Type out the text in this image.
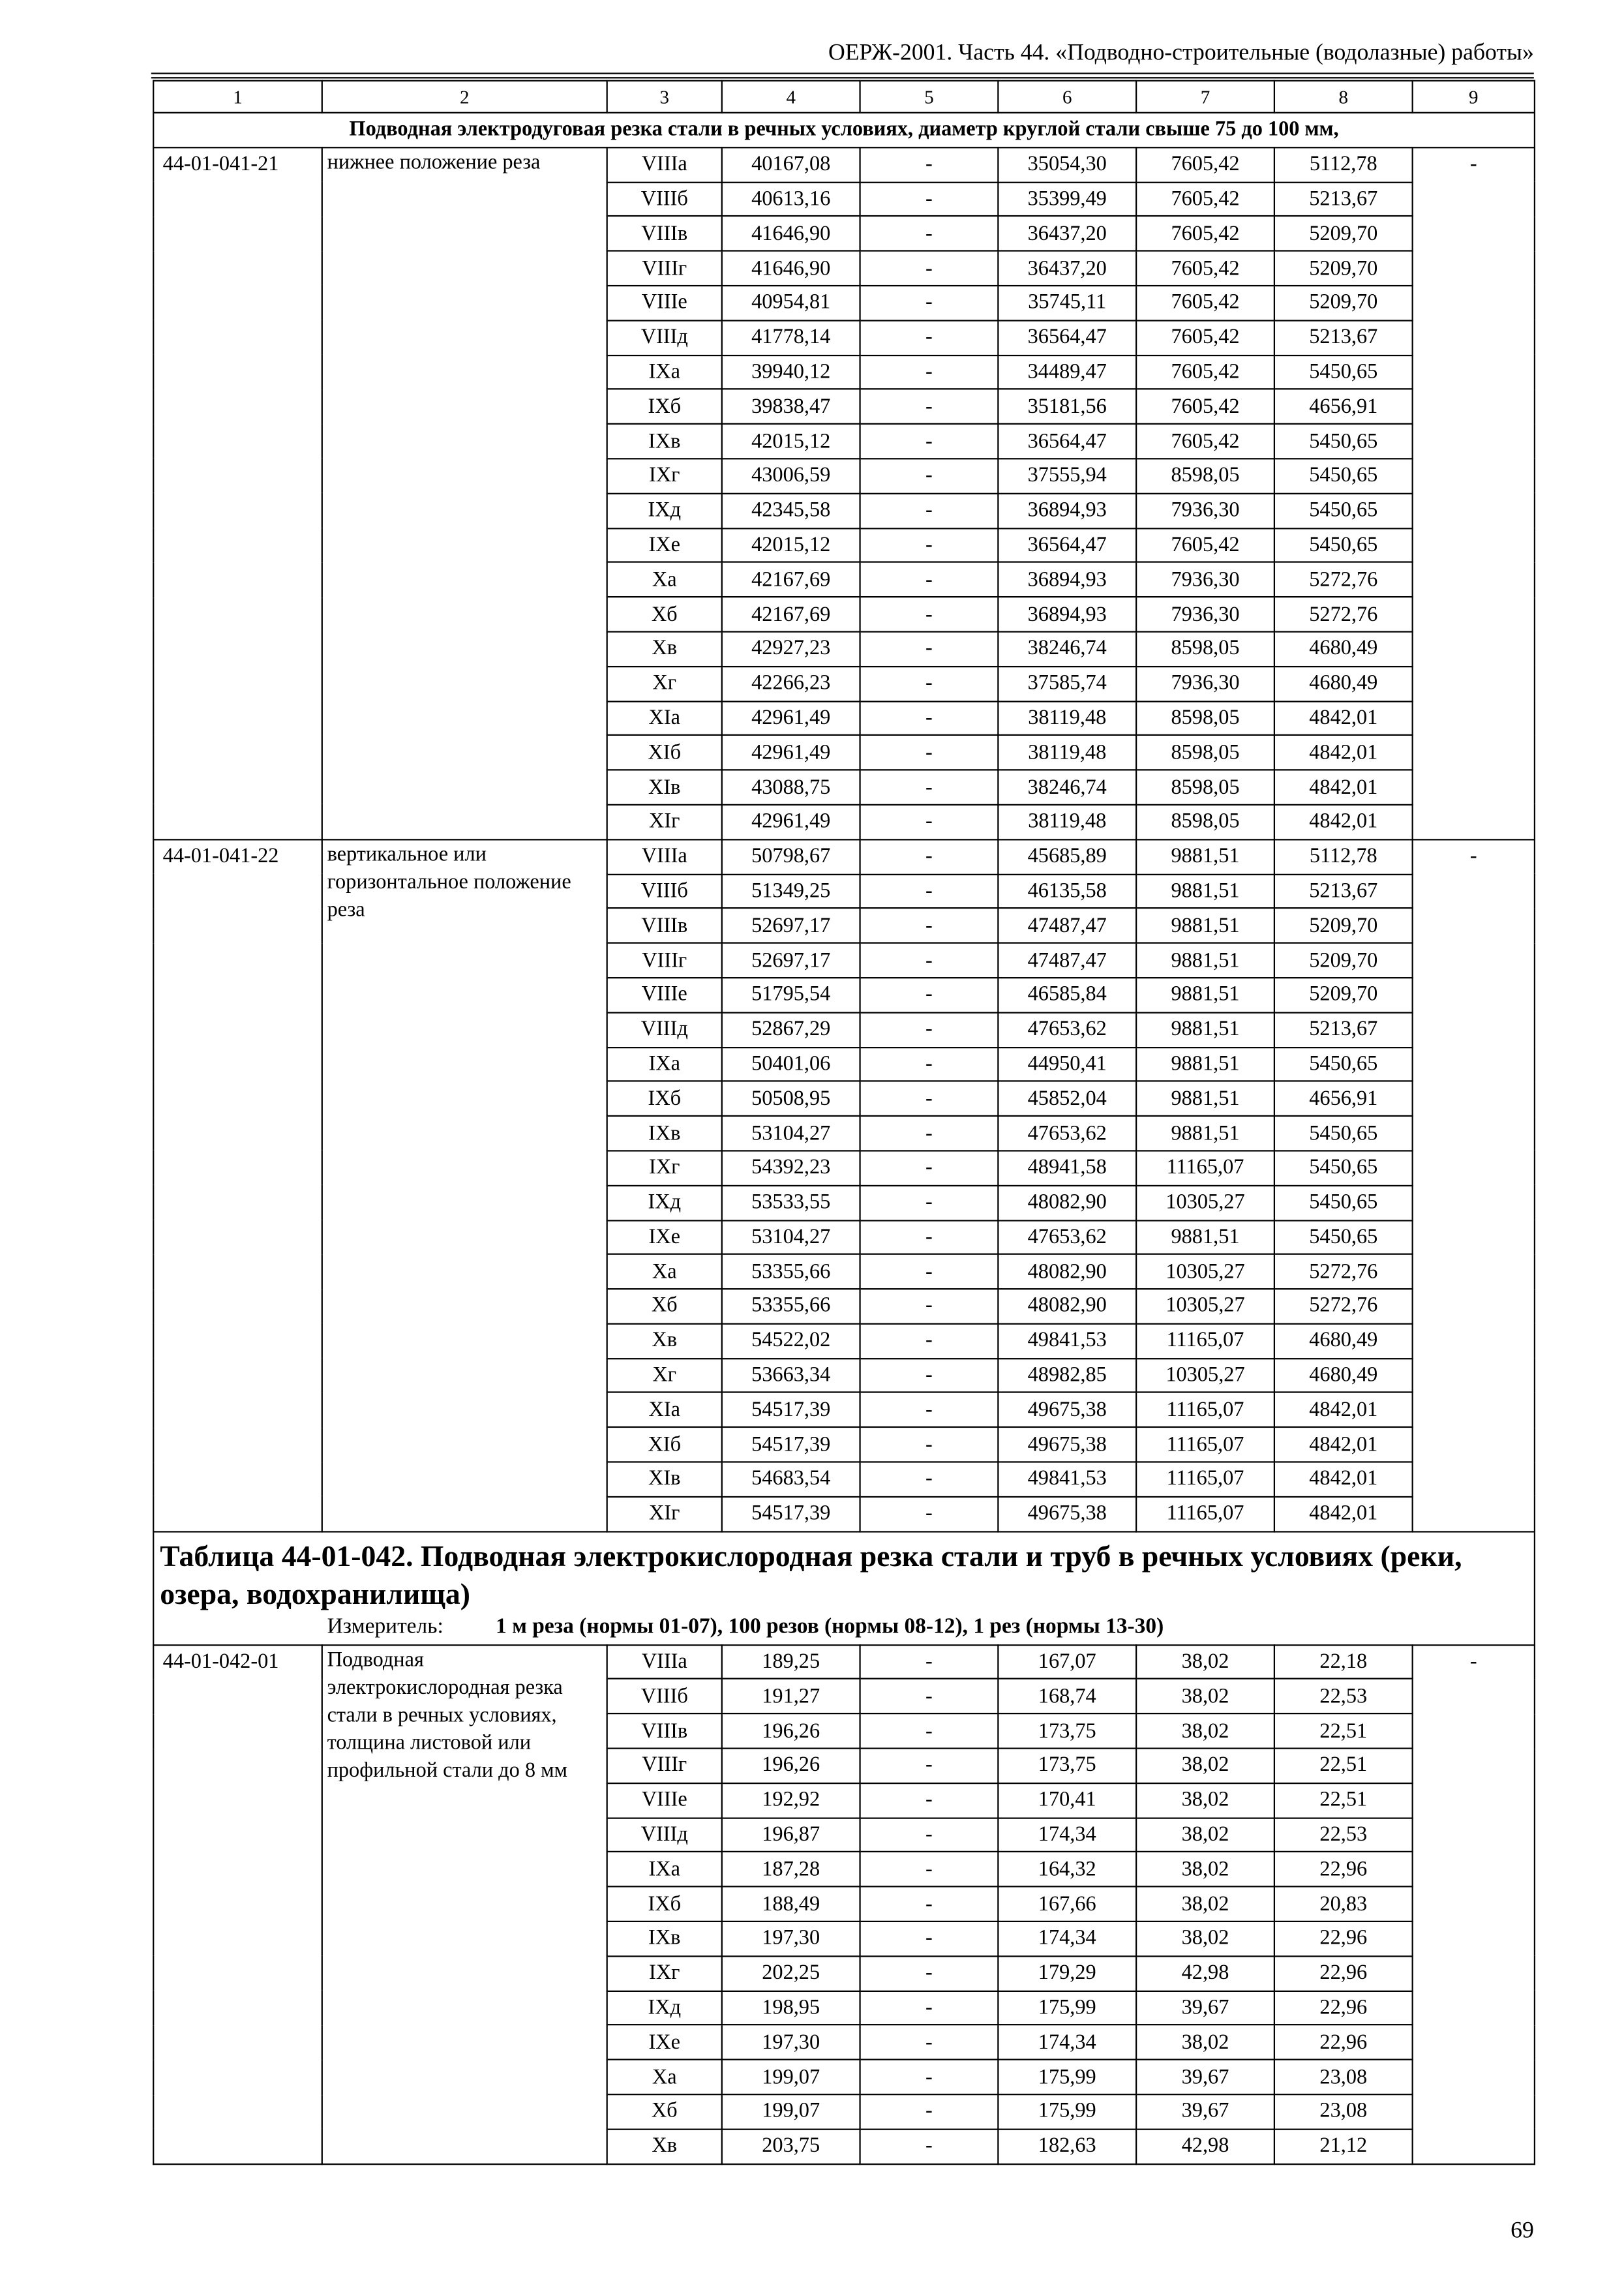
ОЕРЖ-2001. Часть 44. «Подводно-строительные (водолазные) работы»
1	2	3	4	5	6	7	8	9
Подводная электродуговая резка стали в речных условиях, диаметр круглой стали свыше 75 до 100 мм,								
44-01-041-21	нижнее положение реза	VIIIа	40167,08	-	35054,30	7605,42	5112,78	-
		VIIIб	40613,16	-	35399,49	7605,42	5213,67	
		VIIIв	41646,90	-	36437,20	7605,42	5209,70	
		VIIIг	41646,90	-	36437,20	7605,42	5209,70	
		VIIIе	40954,81	-	35745,11	7605,42	5209,70	
		VIIIд	41778,14	-	36564,47	7605,42	5213,67	
		IXа	39940,12	-	34489,47	7605,42	5450,65	
		IXб	39838,47	-	35181,56	7605,42	4656,91	
		IXв	42015,12	-	36564,47	7605,42	5450,65	
		IXг	43006,59	-	37555,94	8598,05	5450,65	
		IXд	42345,58	-	36894,93	7936,30	5450,65	
		IXе	42015,12	-	36564,47	7605,42	5450,65	
		Xа	42167,69	-	36894,93	7936,30	5272,76	
		Xб	42167,69	-	36894,93	7936,30	5272,76	
		Xв	42927,23	-	38246,74	8598,05	4680,49	
		Xг	42266,23	-	37585,74	7936,30	4680,49	
		XIа	42961,49	-	38119,48	8598,05	4842,01	
		XIб	42961,49	-	38119,48	8598,05	4842,01	
		XIв	43088,75	-	38246,74	8598,05	4842,01	
		XIг	42961,49	-	38119,48	8598,05	4842,01	
44-01-041-22	вертикальное или горизонтальное положение реза	VIIIа	50798,67	-	45685,89	9881,51	5112,78	-
		VIIIб	51349,25	-	46135,58	9881,51	5213,67	
		VIIIв	52697,17	-	47487,47	9881,51	5209,70	
		VIIIг	52697,17	-	47487,47	9881,51	5209,70	
		VIIIе	51795,54	-	46585,84	9881,51	5209,70	
		VIIIд	52867,29	-	47653,62	9881,51	5213,67	
		IXа	50401,06	-	44950,41	9881,51	5450,65	
		IXб	50508,95	-	45852,04	9881,51	4656,91	
		IXв	53104,27	-	47653,62	9881,51	5450,65	
		IXг	54392,23	-	48941,58	11165,07	5450,65	
		IXд	53533,55	-	48082,90	10305,27	5450,65	
		IXе	53104,27	-	47653,62	9881,51	5450,65	
		Xа	53355,66	-	48082,90	10305,27	5272,76	
		Xб	53355,66	-	48082,90	10305,27	5272,76	
		Xв	54522,02	-	49841,53	11165,07	4680,49	
		Xг	53663,34	-	48982,85	10305,27	4680,49	
		XIа	54517,39	-	49675,38	11165,07	4842,01	
		XIб	54517,39	-	49675,38	11165,07	4842,01	
		XIв	54683,54	-	49841,53	11165,07	4842,01	
		XIг	54517,39	-	49675,38	11165,07	4842,01	
Таблица 44-01-042. Подводная электрокислородная резка стали и труб в речных условиях (реки, озера, водохранилища)
Измеритель: 1 м реза (нормы 01-07), 100 резов (нормы 08-12), 1 рез (нормы 13-30)								

44-01-042-01	Подводная электрокислородная резка стали в речных условиях, толщина листовой или профильной стали до 8 мм	VIIIа	189,25	-	167,07	38,02	22,18	-
		VIIIб	191,27	-	168,74	38,02	22,53	
		VIIIв	196,26	-	173,75	38,02	22,51	
		VIIIг	196,26	-	173,75	38,02	22,51	
		VIIIе	192,92	-	170,41	38,02	22,51	
		VIIIд	196,87	-	174,34	38,02	22,53	
		IXа	187,28	-	164,32	38,02	22,96	
		IXб	188,49	-	167,66	38,02	20,83	
		IXв	197,30	-	174,34	38,02	22,96	
		IXг	202,25	-	179,29	42,98	22,96	
		IXд	198,95	-	175,99	39,67	22,96	
		IXе	197,30	-	174,34	38,02	22,96	
		Xа	199,07	-	175,99	39,67	23,08	
		Xб	199,07	-	175,99	39,67	23,08	
		Xв	203,75	-	182,63	42,98	21,12	
69
